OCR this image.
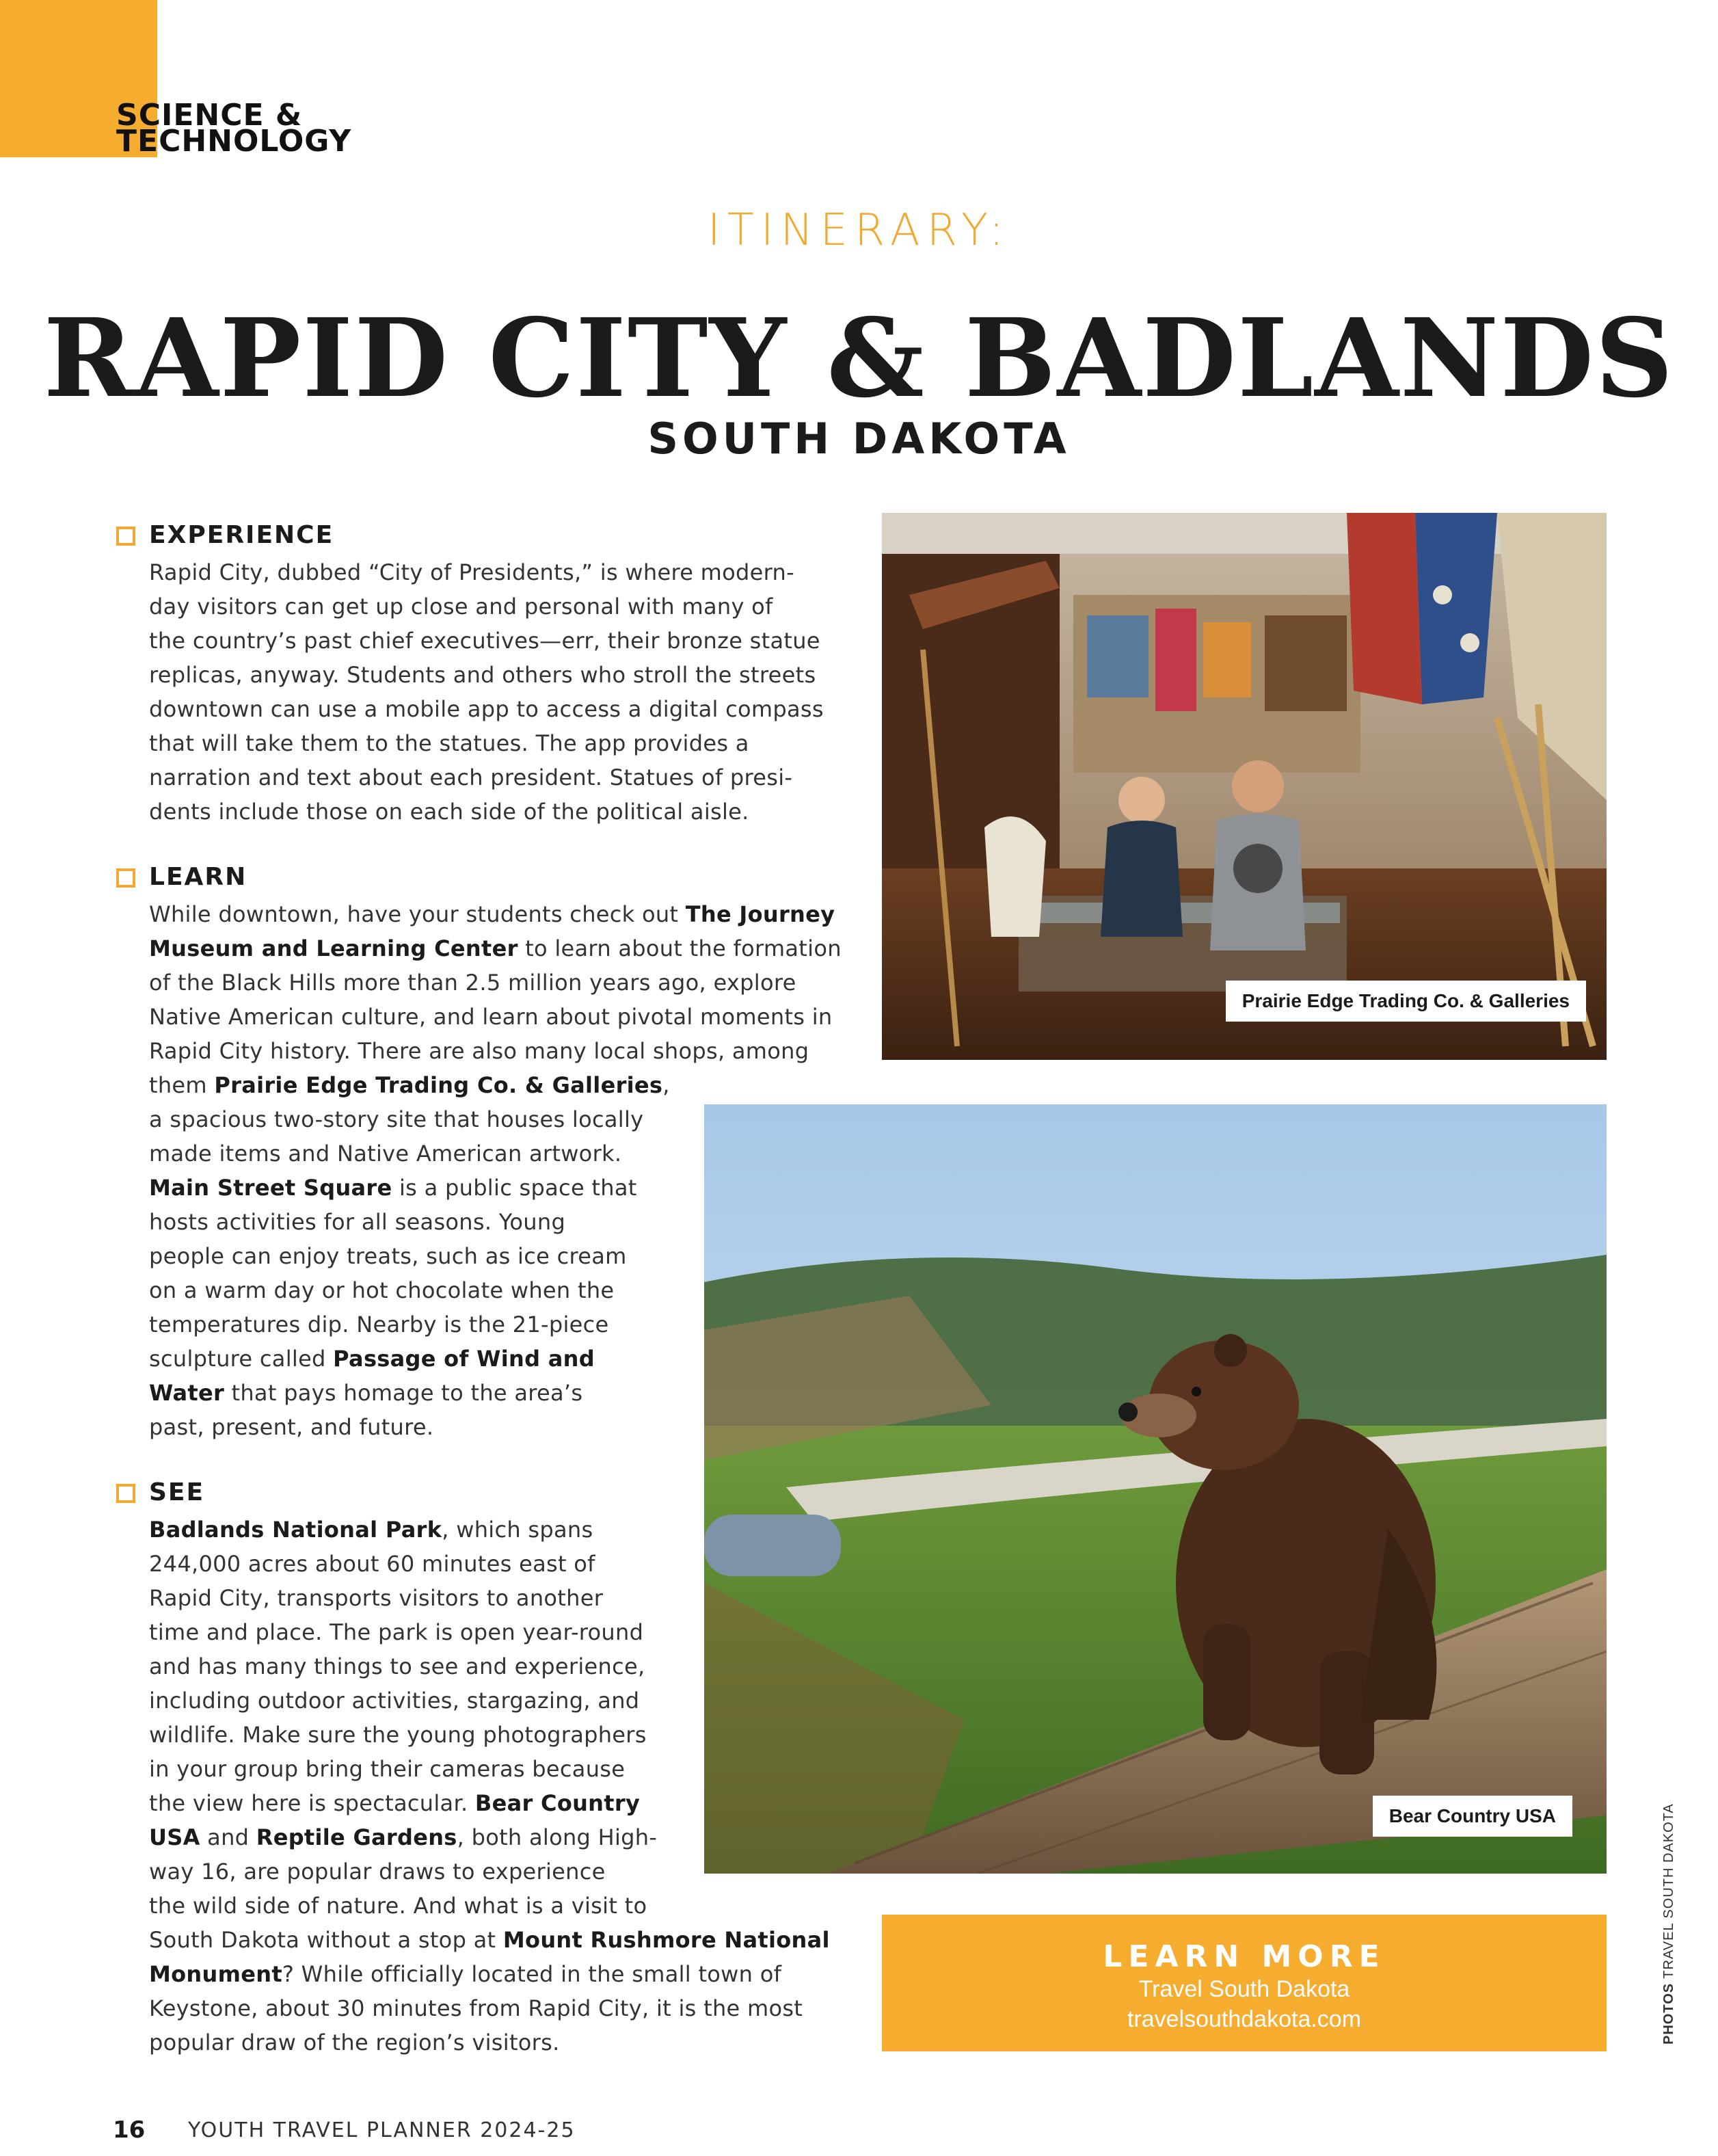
SCIENCE &
TECHNOLOGY
ITINERARY:
RAPID CITY & BADLANDS
SOUTH DAKOTA
EXPERIENCE
Rapid City, dubbed “City of Presidents,” is where modern-
day visitors can get up close and personal with many of
the country’s past chief executives—err, their bronze statue
replicas, anyway. Students and others who stroll the streets
downtown can use a mobile app to access a digital compass
that will take them to the statues. The app provides a
narration and text about each president. Statues of presi-
dents include those on each side of the political aisle.
LEARN
While downtown, have your students check out The Journey
Museum and Learning Center to learn about the formation
of the Black Hills more than 2.5 million years ago, explore
Native American culture, and learn about pivotal moments in
Rapid City history. There are also many local shops, among
them Prairie Edge Trading Co. & Galleries,
a spacious two-story site that houses locally
made items and Native American artwork.
Main Street Square is a public space that
hosts activities for all seasons. Young
people can enjoy treats, such as ice cream
on a warm day or hot chocolate when the
temperatures dip. Nearby is the 21-piece
sculpture called Passage of Wind and
Water that pays homage to the area’s
past, present, and future.
SEE
Badlands National Park, which spans
244,000 acres about 60 minutes east of
Rapid City, transports visitors to another
time and place. The park is open year-round
and has many things to see and experience,
including outdoor activities, stargazing, and
wildlife. Make sure the young photographers
in your group bring their cameras because
the view here is spectacular. Bear Country
USA and Reptile Gardens, both along High-
way 16, are popular draws to experience
the wild side of nature. And what is a visit to
South Dakota without a stop at Mount Rushmore National
Monument? While officially located in the small town of
Keystone, about 30 minutes from Rapid City, it is the most
popular draw of the region’s visitors.
Prairie Edge Trading Co. & Galleries
Bear Country USA
LEARN MORE
Travel South Dakota
travelsouthdakota.com	PHOTOS TRAVEL SOUTH DAKOTA
16 YOUTH TRAVEL PLANNER 2024-25
